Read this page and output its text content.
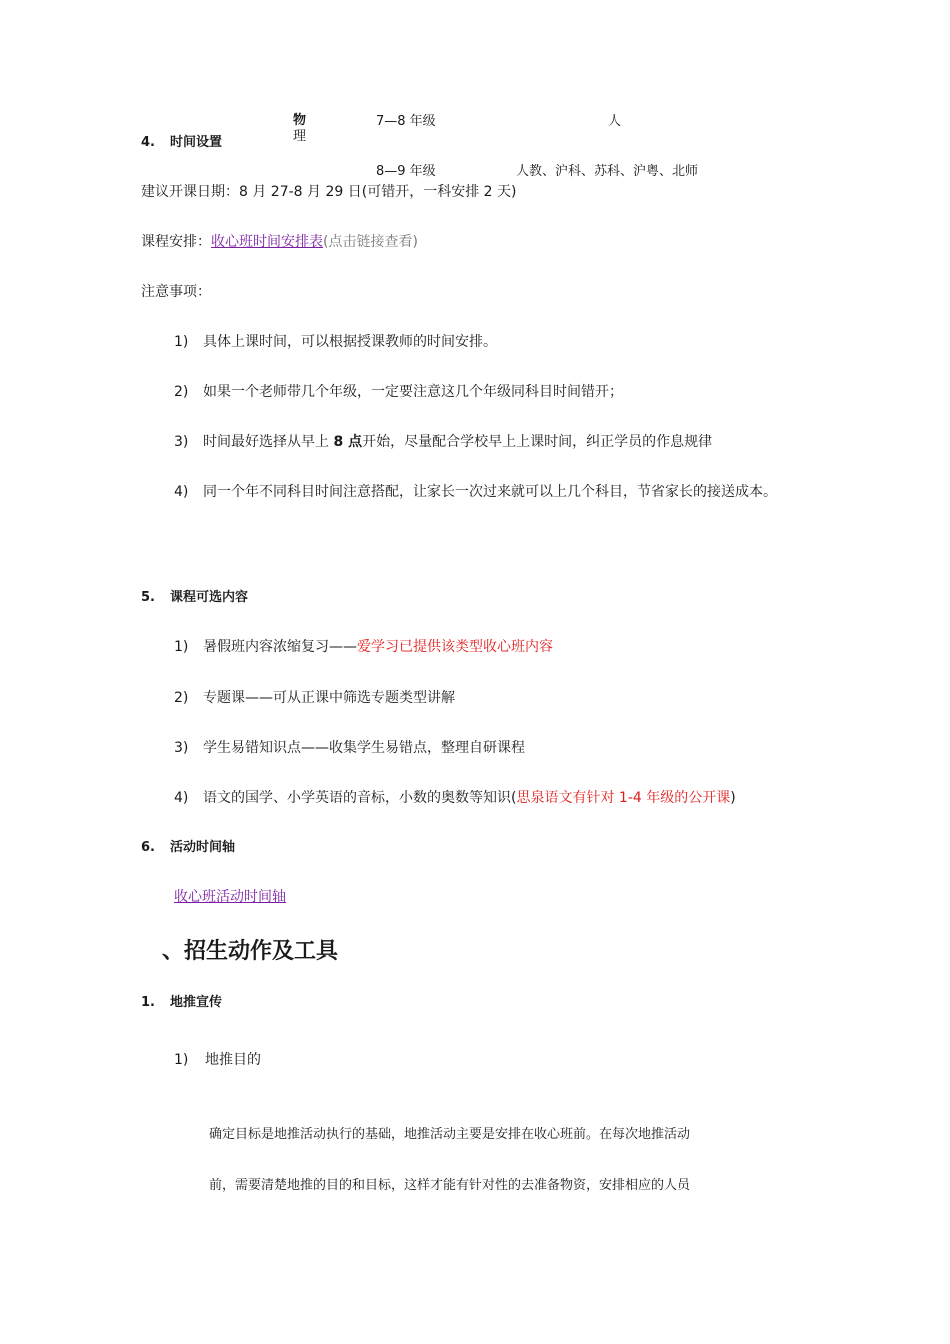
物
理
7—8 年级	人
8—9 年级	人教、沪科、苏科、沪粤、北师
4. 时间设置
建议开课日期：8 月 27-8 月 29 日(可错开，一科安排 2 天)
课程安排：收心班时间安排表(点击链接查看)
注意事项：
1) 具体上课时间，可以根据授课教师的时间安排。
2) 如果一个老师带几个年级，一定要注意这几个年级同科目时间错开；
3) 时间最好选择从早上 8 点开始，尽量配合学校早上上课时间，纠正学员的作息规律
4) 同一个年不同科目时间注意搭配，让家长一次过来就可以上几个科目，节省家长的接送成本。
5. 课程可选内容
1) 暑假班内容浓缩复习——爱学习已提供该类型收心班内容
2) 专题课——可从正课中筛选专题类型讲解
3) 学生易错知识点——收集学生易错点，整理自研课程
4) 语文的国学、小学英语的音标，小数的奥数等知识(思泉语文有针对 1-4 年级的公开课)
6. 活动时间轴
收心班活动时间轴
、招生动作及工具
1. 地推宣传
1) 地推目的
确定目标是地推活动执行的基础，地推活动主要是安排在收心班前。在每次地推活动
前，需要清楚地推的目的和目标，这样才能有针对性的去准备物资，安排相应的人员
